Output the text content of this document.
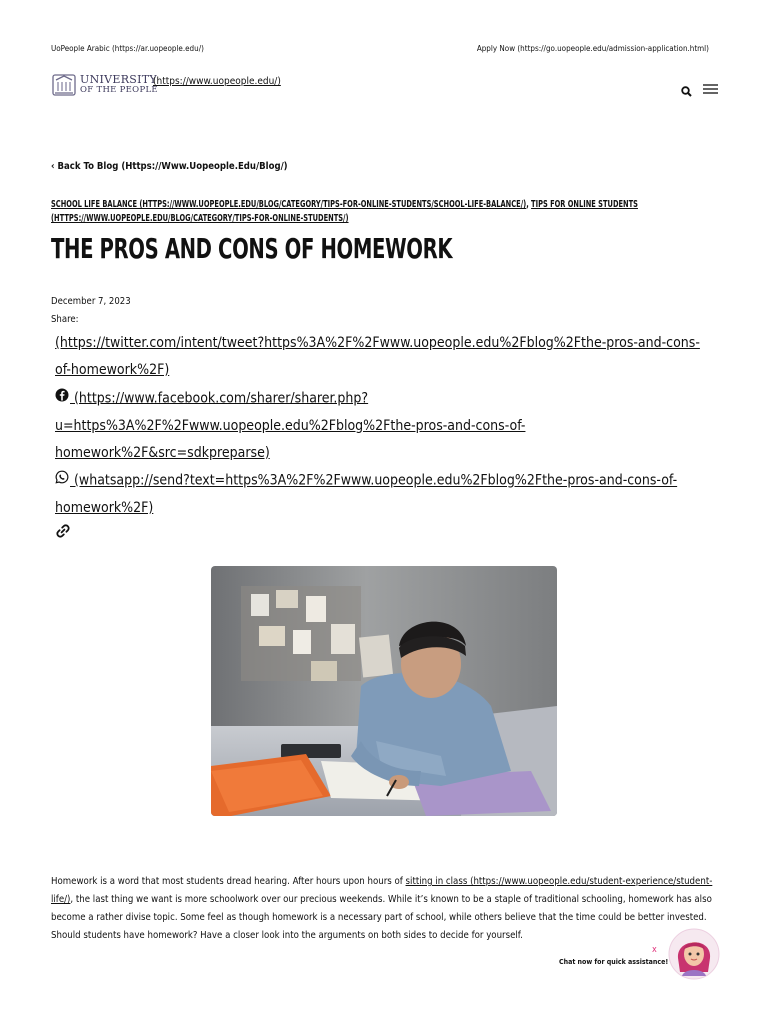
UoPeople Arabic (https://ar.uopeople.edu/)	Apply Now (https://go.uopeople.edu/admission-application.html)
UNIVERSITY
OF THE PEOPLE
(https://www.uopeople.edu/)
‹ Back To Blog (Https://Www.Uopeople.Edu/Blog/)
SCHOOL LIFE BALANCE (HTTPS://WWW.UOPEOPLE.EDU/BLOG/CATEGORY/TIPS-FOR-ONLINE-STUDENTS/SCHOOL-LIFE-BALANCE/), TIPS FOR ONLINE STUDENTS (HTTPS://WWW.UOPEOPLE.EDU/BLOG/CATEGORY/TIPS-FOR-ONLINE-STUDENTS/)
THE PROS AND CONS OF HOMEWORK
December 7, 2023
Share:
(https://twitter.com/intent/tweet?https%3A%2F%2Fwww.uopeople.edu%2Fblog%2Fthe-pros-and-cons-of-homework%2F)
(https://www.facebook.com/sharer/sharer.php?u=https%3A%2F%2Fwww.uopeople.edu%2Fblog%2Fthe-pros-and-cons-of-homework%2F&src=sdkpreparse)
(whatsapp://send?text=https%3A%2F%2Fwww.uopeople.edu%2Fblog%2Fthe-pros-and-cons-of-homework%2F)

Homework is a word that most students dread hearing. After hours upon hours of sitting in class (https://www.uopeople.edu/student-experience/student-life/), the last thing we want is more schoolwork over our precious weekends. While it’s known to be a staple of traditional schooling, homework has also become a rather divise topic. Some feel as though homework is a necessary part of school, while others believe that the time could be better invested. Should students have homework? Have a closer look into the arguments on both sides to decide for yourself.

Chat now for quick assistance!
x
